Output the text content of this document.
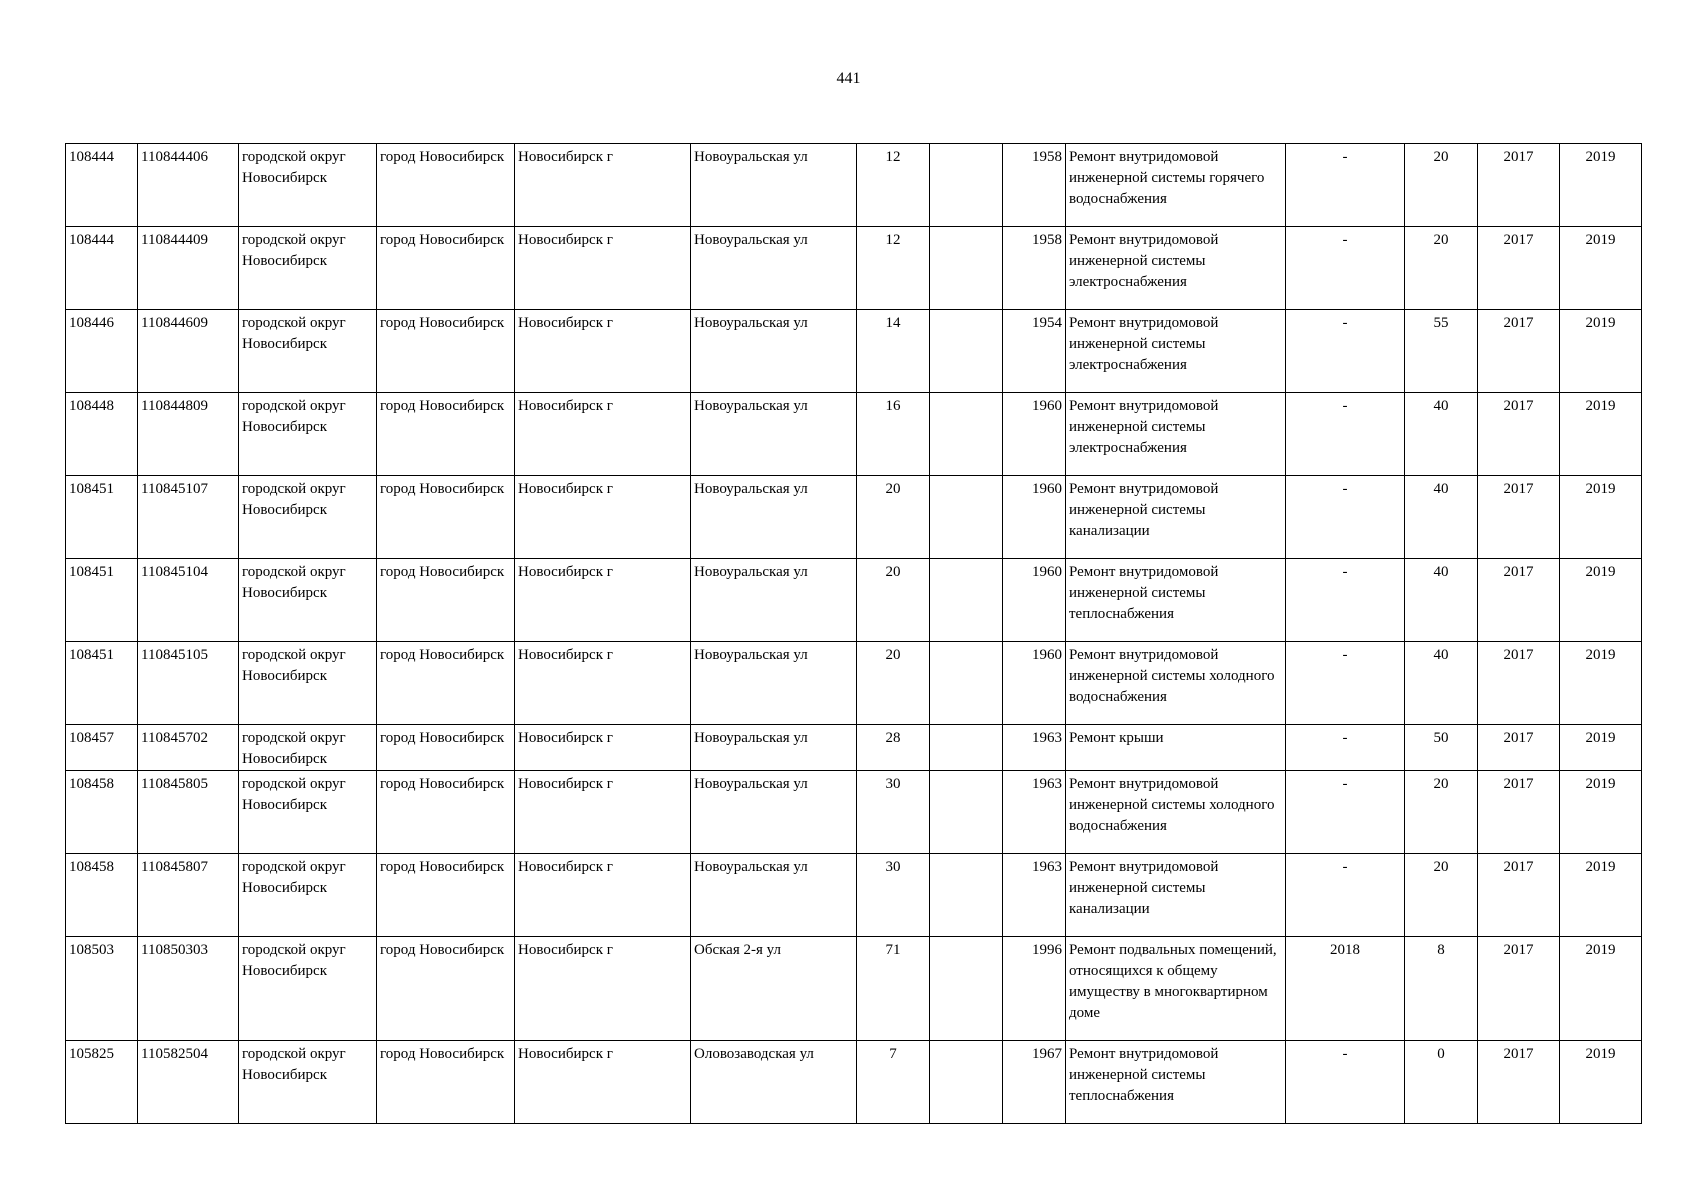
441
108444	110844406	городской округ Новосибирск	город Новосибирск	Новосибирск г	Новоуральская ул	12		1958	Ремонт внутридомовой инженерной системы горячего водоснабжения	-	20	2017	2019
108444	110844409	городской округ Новосибирск	город Новосибирск	Новосибирск г	Новоуральская ул	12		1958	Ремонт внутридомовой инженерной системы электроснабжения	-	20	2017	2019
108446	110844609	городской округ Новосибирск	город Новосибирск	Новосибирск г	Новоуральская ул	14		1954	Ремонт внутридомовой инженерной системы электроснабжения	-	55	2017	2019
108448	110844809	городской округ Новосибирск	город Новосибирск	Новосибирск г	Новоуральская ул	16		1960	Ремонт внутридомовой инженерной системы электроснабжения	-	40	2017	2019
108451	110845107	городской округ Новосибирск	город Новосибирск	Новосибирск г	Новоуральская ул	20		1960	Ремонт внутридомовой инженерной системы канализации	-	40	2017	2019
108451	110845104	городской округ Новосибирск	город Новосибирск	Новосибирск г	Новоуральская ул	20		1960	Ремонт внутридомовой инженерной системы теплоснабжения	-	40	2017	2019
108451	110845105	городской округ Новосибирск	город Новосибирск	Новосибирск г	Новоуральская ул	20		1960	Ремонт внутридомовой инженерной системы холодного водоснабжения	-	40	2017	2019
108457	110845702	городской округ Новосибирск	город Новосибирск	Новосибирск г	Новоуральская ул	28		1963	Ремонт крыши	-	50	2017	2019
108458	110845805	городской округ Новосибирск	город Новосибирск	Новосибирск г	Новоуральская ул	30		1963	Ремонт внутридомовой инженерной системы холодного водоснабжения	-	20	2017	2019
108458	110845807	городской округ Новосибирск	город Новосибирск	Новосибирск г	Новоуральская ул	30		1963	Ремонт внутридомовой инженерной системы канализации	-	20	2017	2019
108503	110850303	городской округ Новосибирск	город Новосибирск	Новосибирск г	Обская 2-я ул	71		1996	Ремонт подвальных помещений, относящихся к общему имуществу в многоквартирном доме	2018	8	2017	2019
105825	110582504	городской округ Новосибирск	город Новосибирск	Новосибирск г	Оловозаводская ул	7		1967	Ремонт внутридомовой инженерной системы теплоснабжения	-	0	2017	2019
